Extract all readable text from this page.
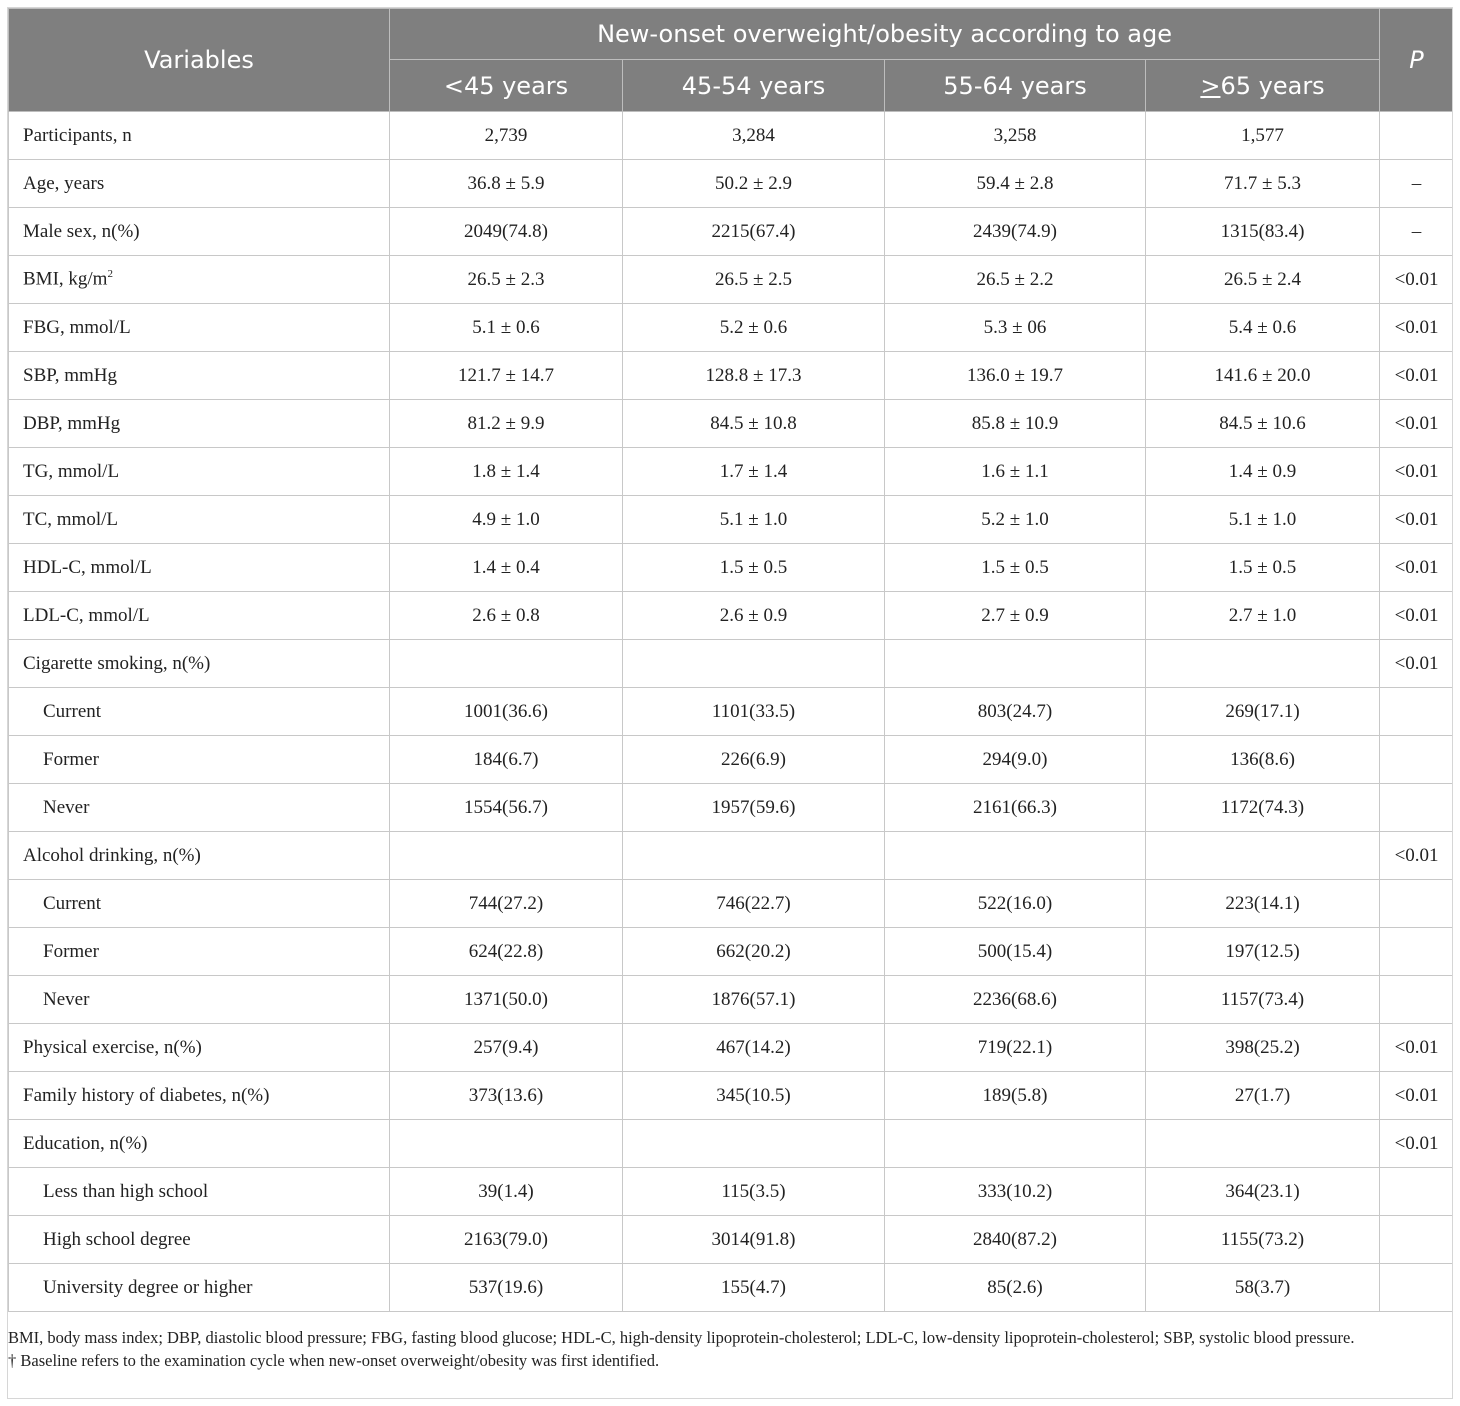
Variables	New-onset overweight/obesity according to age				P
	<45 years	45-54 years	55-64 years	>65 years	
Participants, n	2,739	3,284	3,258	1,577	
Age, years	36.8 ± 5.9	50.2 ± 2.9	59.4 ± 2.8	71.7 ± 5.3	–
Male sex, n(%)	2049(74.8)	2215(67.4)	2439(74.9)	1315(83.4)	–
BMI, $kg/m^2$	26.5 ± 2.3	26.5 ± 2.5	26.5 ± 2.2	26.5 ± 2.4	<0.01
FBG, mmol/L	5.1 ± 0.6	5.2 ± 0.6	5.3 ± 06	5.4 ± 0.6	<0.01
SBP, mmHg	121.7 ± 14.7	128.8 ± 17.3	136.0 ± 19.7	141.6 ± 20.0	<0.01
DBP, mmHg	81.2 ± 9.9	84.5 ± 10.8	85.8 ± 10.9	84.5 ± 10.6	<0.01
TG, mmol/L	1.8 ± 1.4	1.7 ± 1.4	1.6 ± 1.1	1.4 ± 0.9	<0.01
TC, mmol/L	4.9 ± 1.0	5.1 ± 1.0	5.2 ± 1.0	5.1 ± 1.0	<0.01
HDL-C, mmol/L	1.4 ± 0.4	1.5 ± 0.5	1.5 ± 0.5	1.5 ± 0.5	<0.01
LDL-C, mmol/L	2.6 ± 0.8	2.6 ± 0.9	2.7 ± 0.9	2.7 ± 1.0	<0.01
Cigarette smoking, n(%)					<0.01
Current	1001(36.6)	1101(33.5)	803(24.7)	269(17.1)	
Former	184(6.7)	226(6.9)	294(9.0)	136(8.6)	
Never	1554(56.7)	1957(59.6)	2161(66.3)	1172(74.3)	
Alcohol drinking, n(%)					<0.01
Current	744(27.2)	746(22.7)	522(16.0)	223(14.1)	
Former	624(22.8)	662(20.2)	500(15.4)	197(12.5)	
Never	1371(50.0)	1876(57.1)	2236(68.6)	1157(73.4)	
Physical exercise, n(%)	257(9.4)	467(14.2)	719(22.1)	398(25.2)	<0.01
Family history of diabetes, n(%)	373(13.6)	345(10.5)	189(5.8)	27(1.7)	<0.01
Education, n(%)					<0.01
Less than high school	39(1.4)	115(3.5)	333(10.2)	364(23.1)	
High school degree	2163(79.0)	3014(91.8)	2840(87.2)	1155(73.2)	
University degree or higher	537(19.6)	155(4.7)	85(2.6)	58(3.7)	
BMI, body mass index; DBP, diastolic blood pressure; FBG, fasting blood glucose; HDL-C, high-density lipoprotein-cholesterol; LDL-C, low-density lipoprotein-cholesterol; SBP, systolic blood pressure.
† Baseline refers to the examination cycle when new-onset overweight/obesity was first identified.
